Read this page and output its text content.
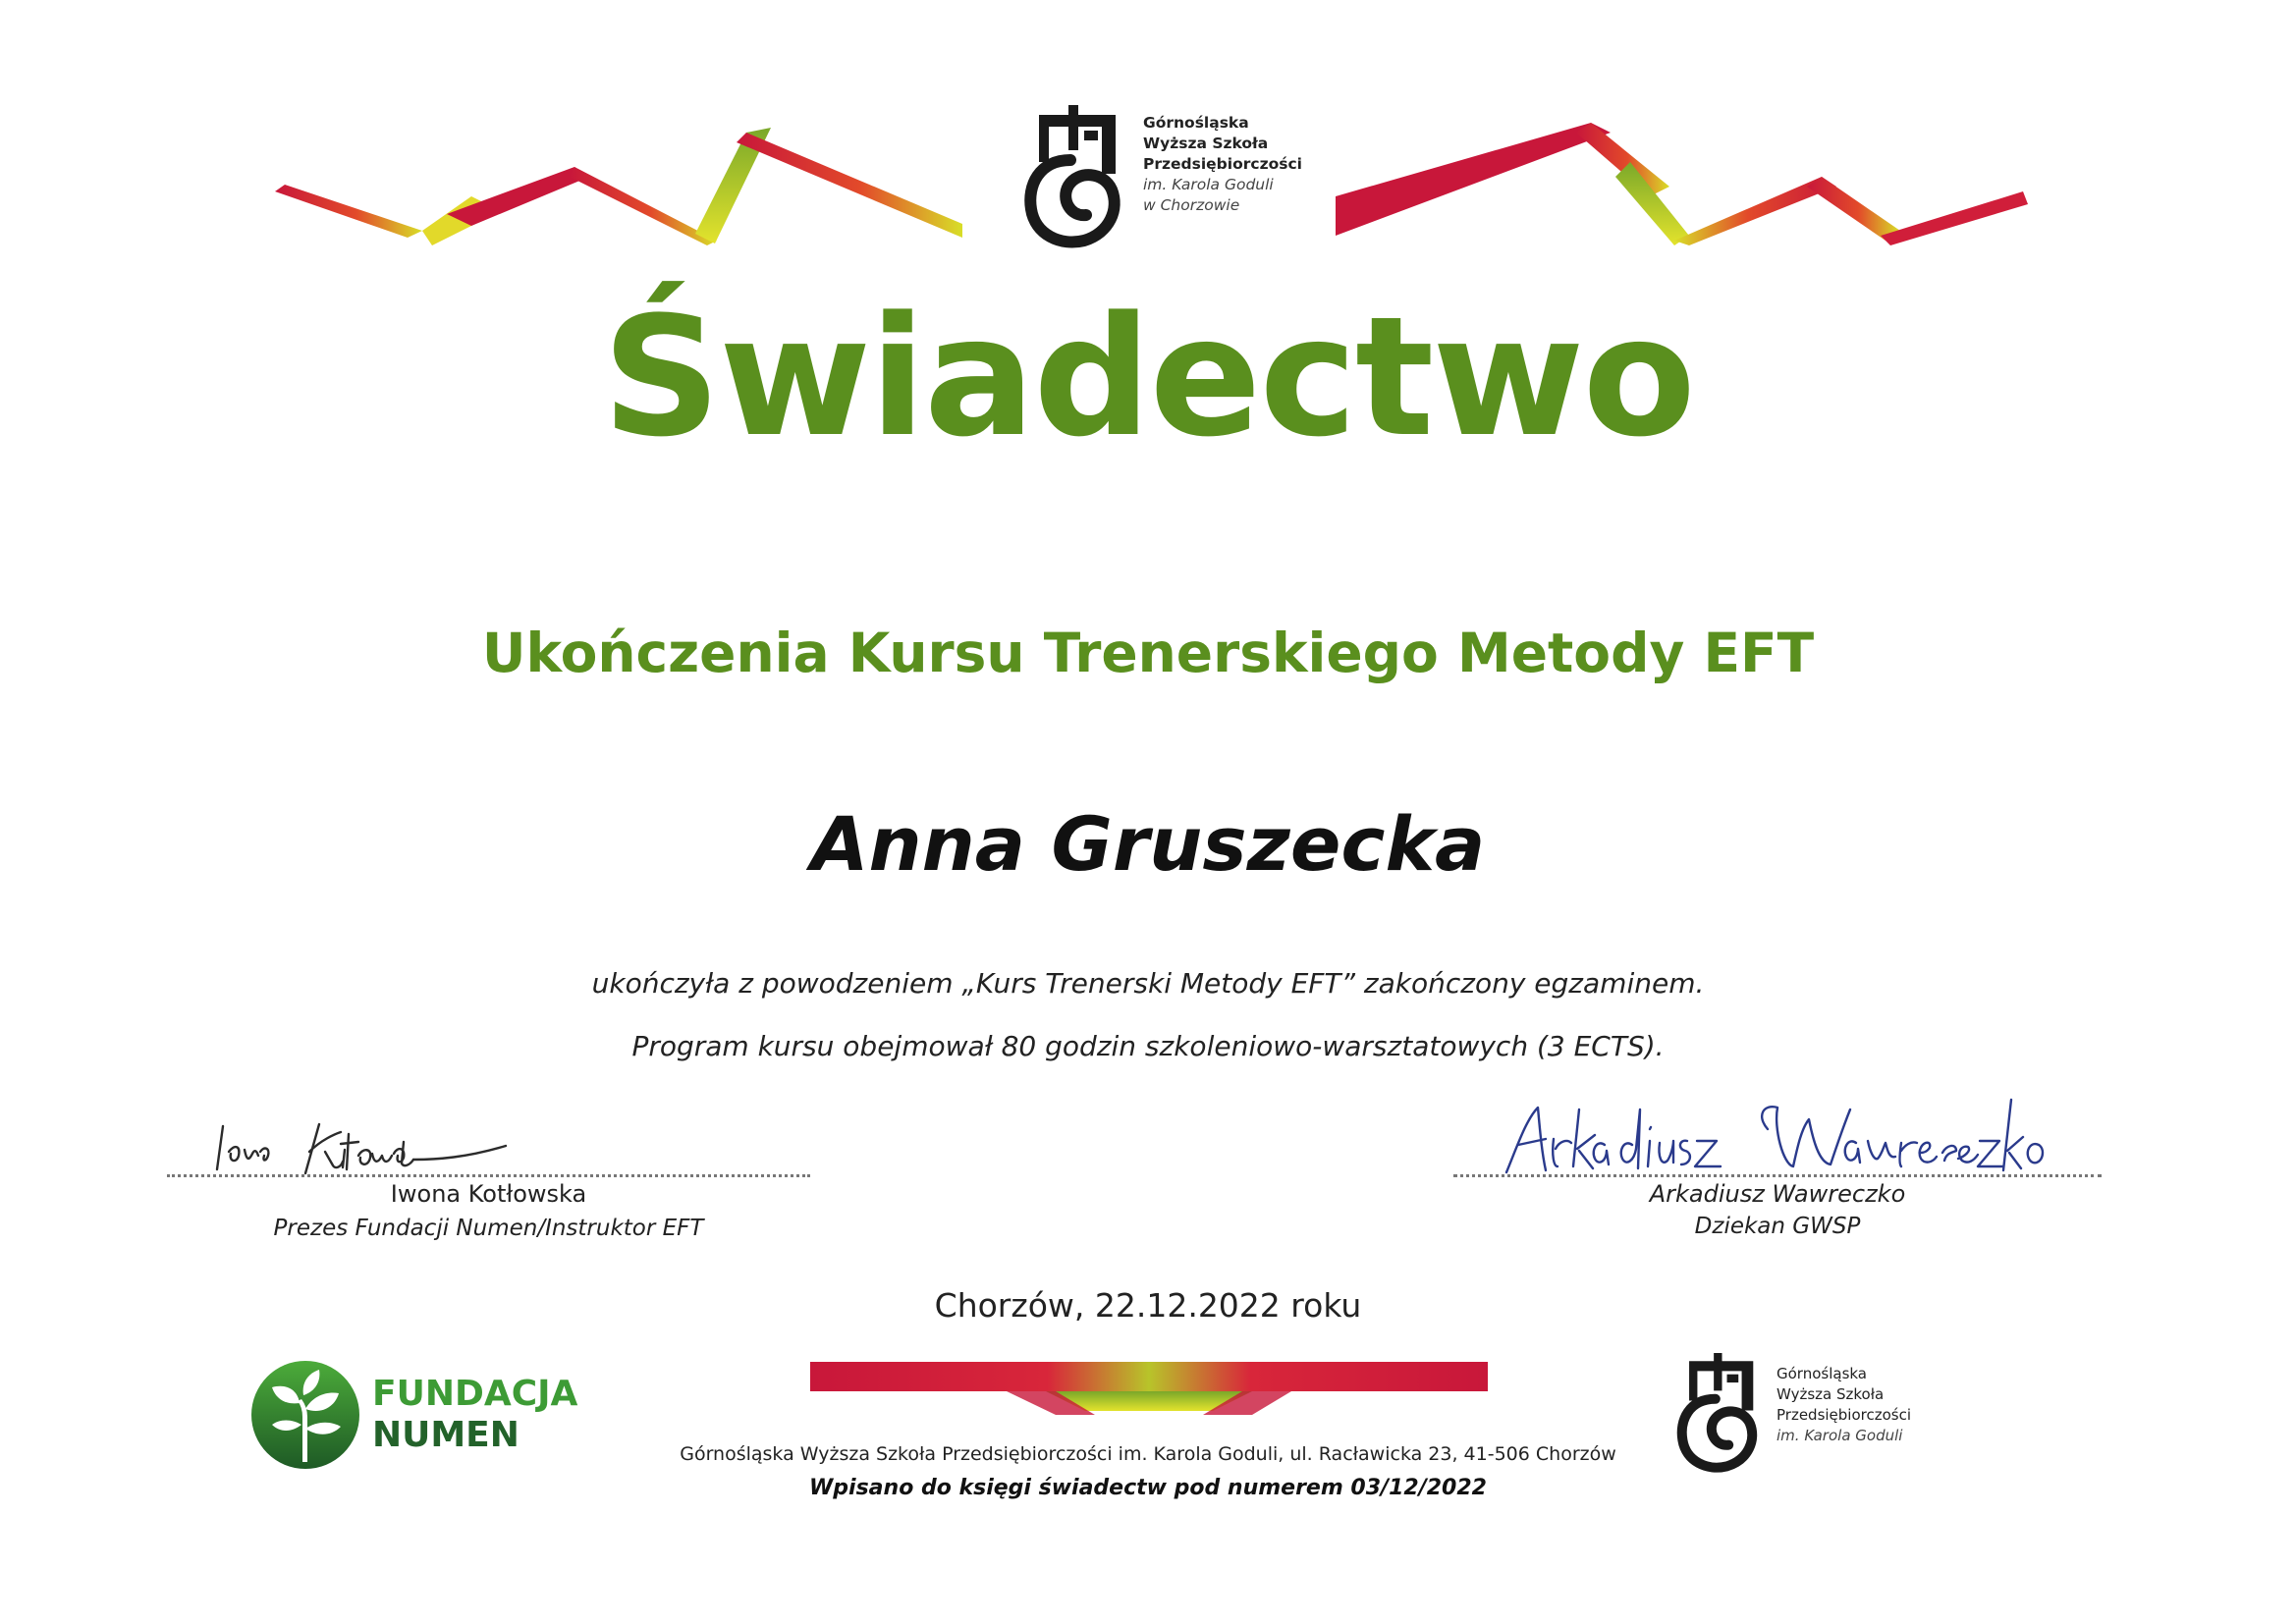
Górnośląska
Wyższa Szkoła
Przedsiębiorczości
im. Karola Goduli
w Chorzowie
Świadectwo
Ukończenia Kursu Trenerskiego Metody EFT
Anna Gruszecka
ukończyła z powodzeniem „Kurs Trenerski Metody EFT” zakończony egzaminem.
Program kursu obejmował 80 godzin szkoleniowo-warsztatowych (3 ECTS).
Iwona Kotłowska
Prezes Fundacji Numen/Instruktor EFT
Arkadiusz Wawreczko
Dziekan GWSP
Chorzów, 22.12.2022 roku
FUNDACJA
NUMEN
Górnośląska
Wyższa Szkoła
Przedsiębiorczości
im. Karola Goduli
Górnośląska Wyższa Szkoła Przedsiębiorczości im. Karola Goduli, ul. Racławicka 23, 41-506 Chorzów
Wpisano do księgi świadectw pod numerem 03/12/2022
